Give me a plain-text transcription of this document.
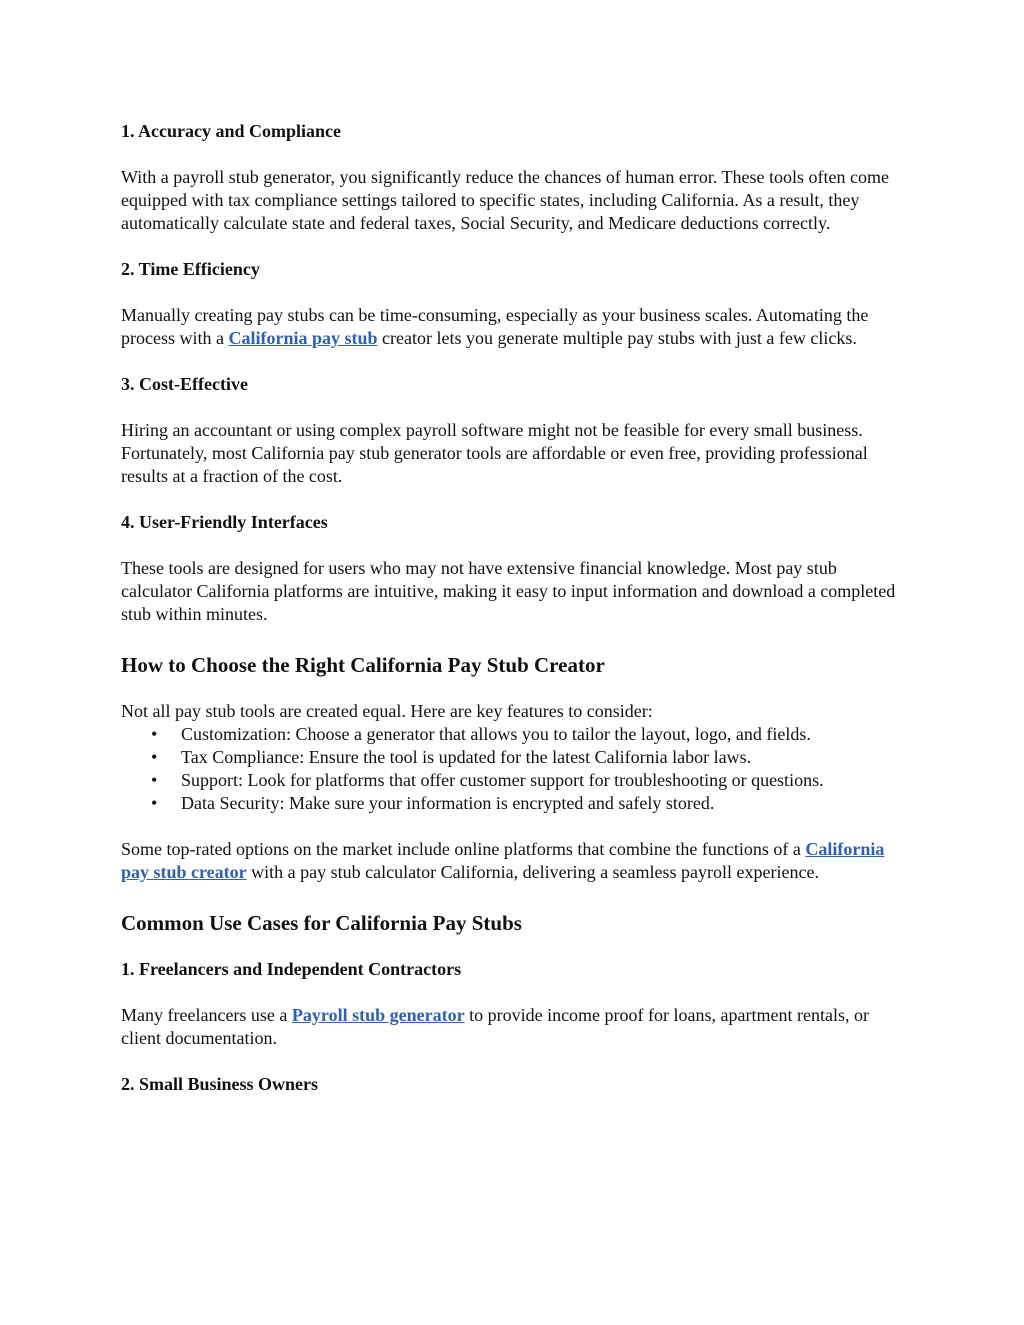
1. Accuracy and Compliance

With a payroll stub generator, you significantly reduce the chances of human error. These tools often come equipped with tax compliance settings tailored to specific states, including California. As a result, they automatically calculate state and federal taxes, Social Security, and Medicare deductions correctly.

2. Time Efficiency

Manually creating pay stubs can be time-consuming, especially as your business scales. Automating the process with a California pay stub creator lets you generate multiple pay stubs with just a few clicks.

3. Cost-Effective

Hiring an accountant or using complex payroll software might not be feasible for every small business. Fortunately, most California pay stub generator tools are affordable or even free, providing professional results at a fraction of the cost.

4. User-Friendly Interfaces

These tools are designed for users who may not have extensive financial knowledge. Most pay stub calculator California platforms are intuitive, making it easy to input information and download a completed stub within minutes.

How to Choose the Right California Pay Stub Creator

Not all pay stub tools are created equal. Here are key features to consider:

• Customization: Choose a generator that allows you to tailor the layout, logo, and fields.
• Tax Compliance: Ensure the tool is updated for the latest California labor laws.
• Support: Look for platforms that offer customer support for troubleshooting or questions.
• Data Security: Make sure your information is encrypted and safely stored.

Some top-rated options on the market include online platforms that combine the functions of a California pay stub creator with a pay stub calculator California, delivering a seamless payroll experience.

Common Use Cases for California Pay Stubs

1. Freelancers and Independent Contractors

Many freelancers use a Payroll stub generator to provide income proof for loans, apartment rentals, or client documentation.

2. Small Business Owners
